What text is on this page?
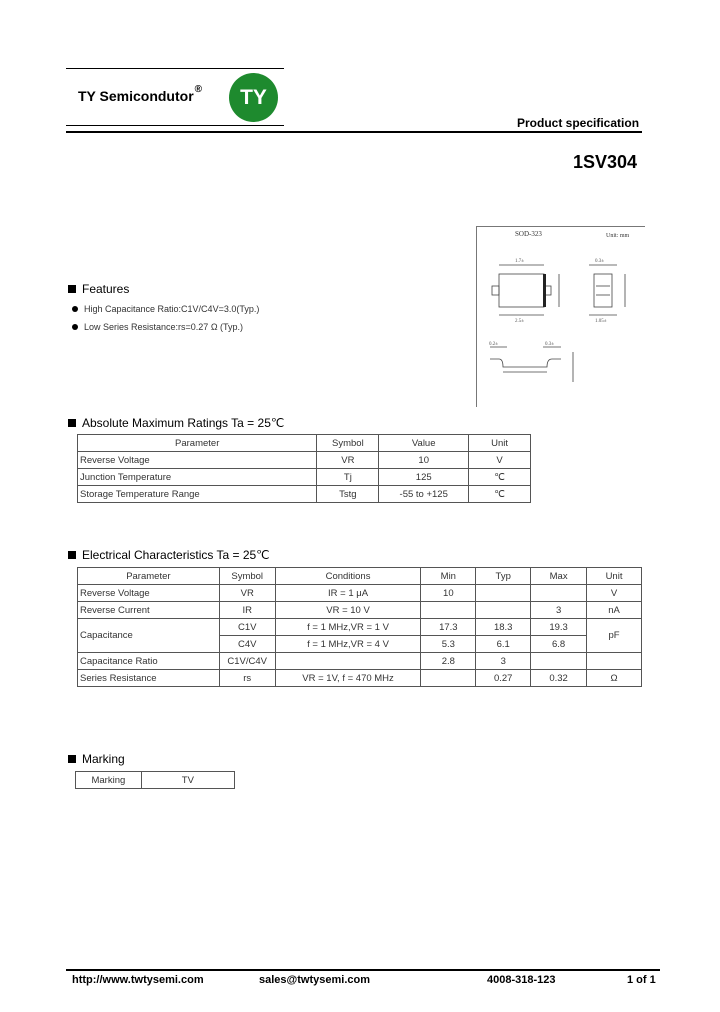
TY Semicondutor®	TY
Product specification
1SV304
SOD-323	Unit: mm
1.7±
2.5±
0.3±
1.05±
0.2±	0.3±
Features
High Capacitance Ratio:C1V/C4V=3.0(Typ.)
Low Series Resistance:rs=0.27 Ω (Typ.)
Absolute Maximum Ratings Ta = 25℃
Parameter	Symbol	Value	Unit
Reverse Voltage	VR	10	V
Junction Temperature	Tj	125	℃
Storage Temperature Range	Tstg	-55 to +125	℃
Electrical Characteristics Ta = 25℃
Parameter	Symbol	Conditions	Min	Typ	Max	Unit
Reverse Voltage	VR	IR = 1 μA	10			V
Reverse Current	IR	VR = 10 V			3	nA
Capacitance	C1V	f = 1 MHz,VR = 1 V	17.3	18.3	19.3	pF
	C4V	f = 1 MHz,VR = 4 V	5.3	6.1	6.8	
Capacitance Ratio	C1V/C4V		2.8	3		
Series Resistance	rs	VR = 1V, f = 470 MHz		0.27	0.32	Ω
Marking
Marking	TV
http://www.twtysemi.com	sales@twtysemi.com	4008-318-123	1 of 1
